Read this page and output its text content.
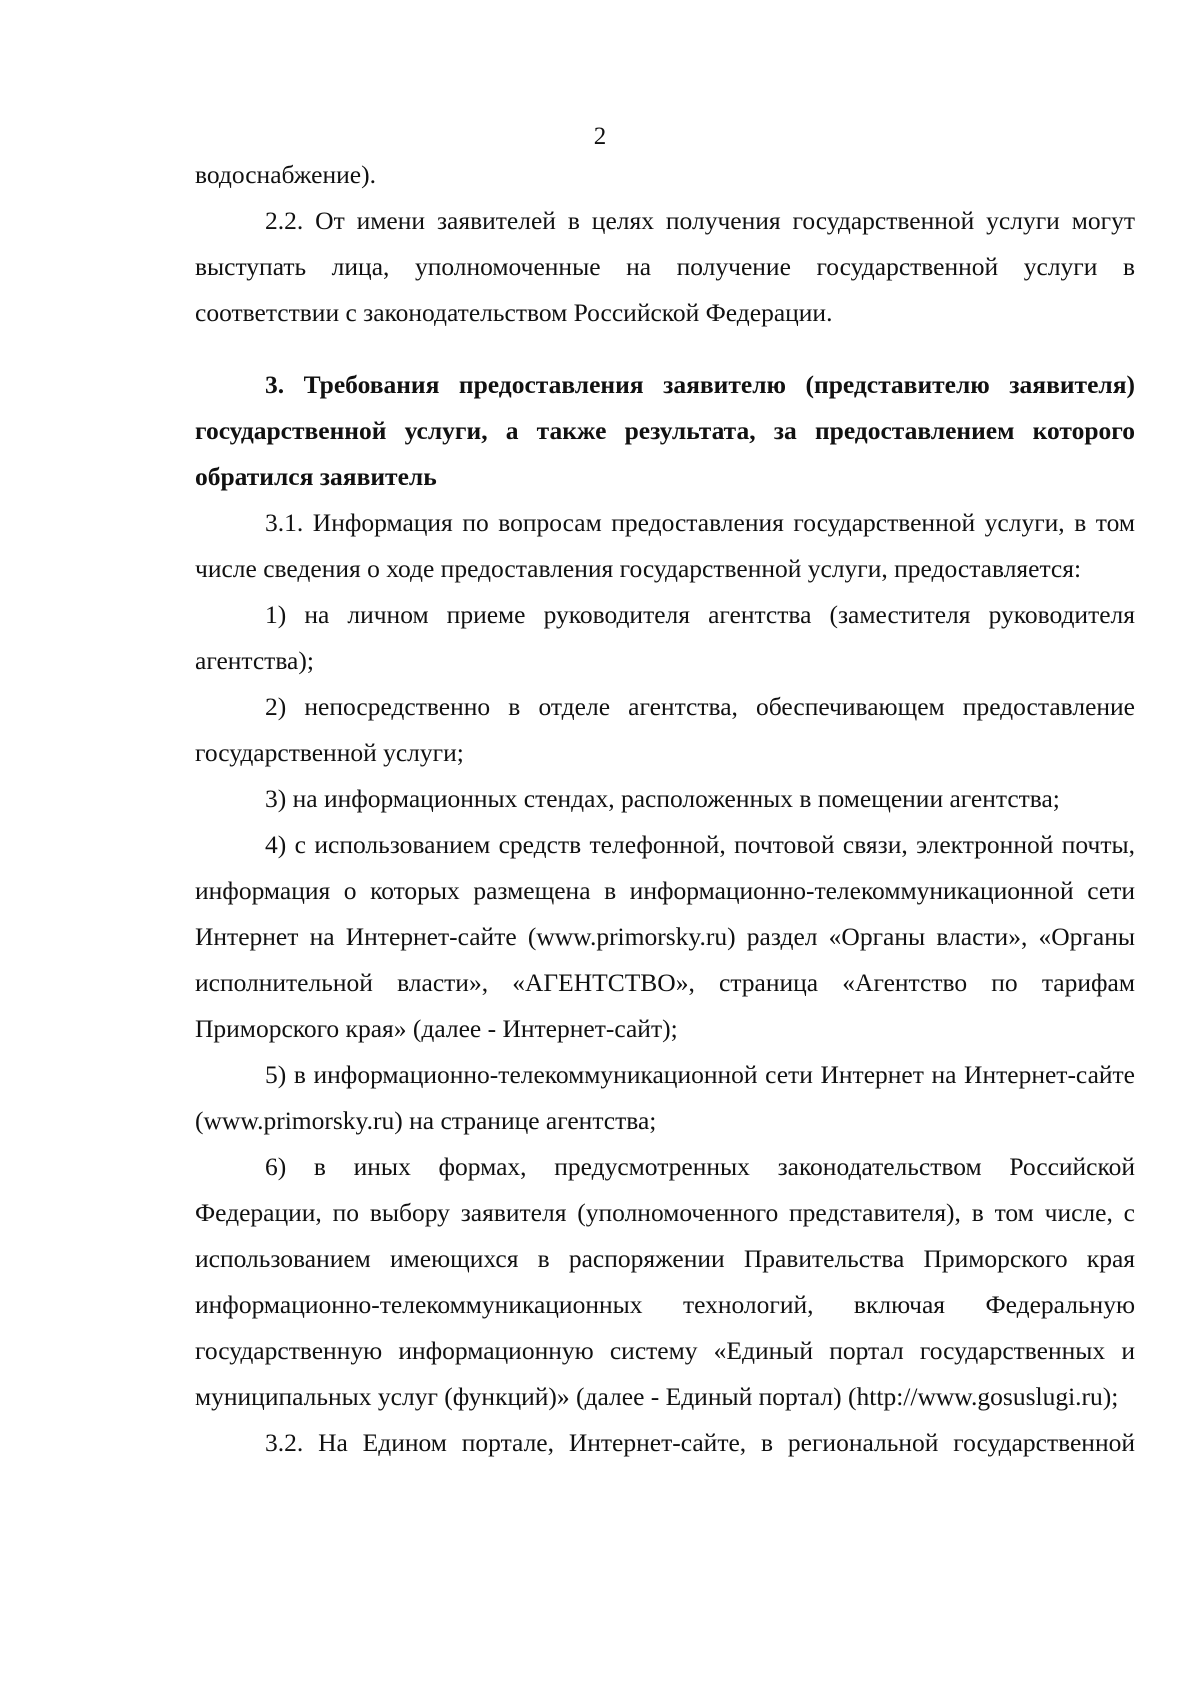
2

водоснабжение).

2.2. От имени заявителей в целях получения государственной услуги могут выступать лица, уполномоченные на получение государственной услуги в соответствии с законодательством Российской Федерации.

3. Требования предоставления заявителю (представителю заявителя) государственной услуги, а также результата, за предоставлением которого обратился заявитель

3.1. Информация по вопросам предоставления государственной услуги, в том числе сведения о ходе предоставления государственной услуги, предоставляется:

1) на личном приеме руководителя агентства (заместителя руководителя агентства);

2) непосредственно в отделе агентства, обеспечивающем предоставление государственной услуги;

3) на информационных стендах, расположенных в помещении агентства;

4) с использованием средств телефонной, почтовой связи, электронной почты, информация о которых размещена в информационно-телекоммуникационной сети Интернет на Интернет-сайте (www.primorsky.ru) раздел «Органы власти», «Органы исполнительной власти», «АГЕНТСТВО», страница «Агентство по тарифам Приморского края» (далее - Интернет-сайт);

5) в информационно-телекоммуникационной сети Интернет на Интернет-сайте (www.primorsky.ru) на странице агентства;

6) в иных формах, предусмотренных законодательством Российской Федерации, по выбору заявителя (уполномоченного представителя), в том числе, с использованием имеющихся в распоряжении Правительства Приморского края информационно-телекоммуникационных технологий, включая Федеральную государственную информационную систему «Единый портал государственных и муниципальных услуг (функций)» (далее - Единый портал) (http://www.gosuslugi.ru);

3.2. На Едином портале, Интернет-сайте, в региональной государственной
